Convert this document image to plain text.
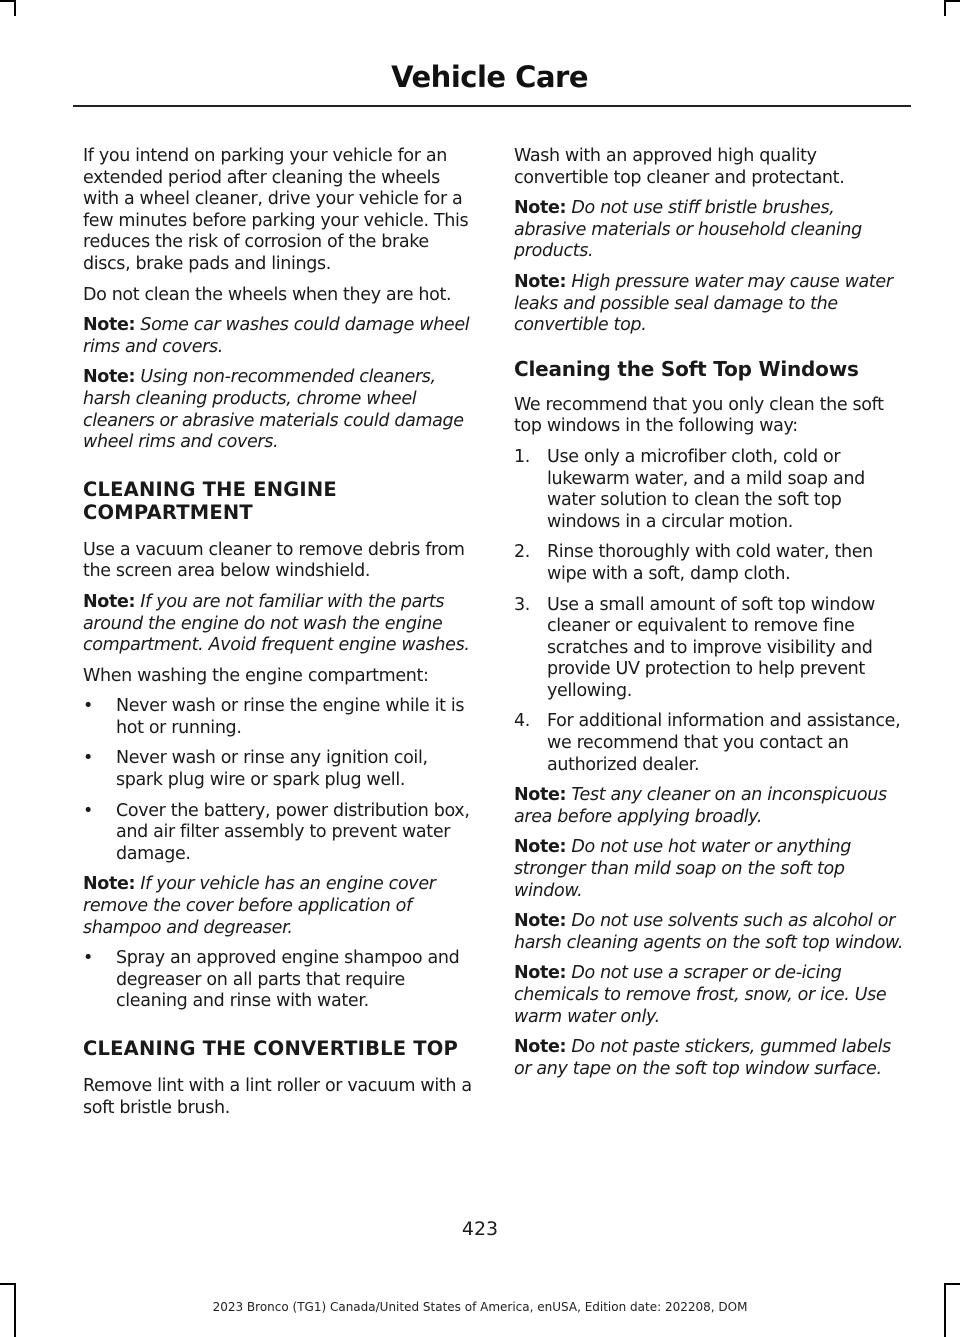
Vehicle Care

If you intend on parking your vehicle for an extended period after cleaning the wheels with a wheel cleaner, drive your vehicle for a few minutes before parking your vehicle. This reduces the risk of corrosion of the brake discs, brake pads and linings.

Do not clean the wheels when they are hot.

Note: Some car washes could damage wheel rims and covers.

Note: Using non-recommended cleaners, harsh cleaning products, chrome wheel cleaners or abrasive materials could damage wheel rims and covers.

CLEANING THE ENGINE COMPARTMENT

Use a vacuum cleaner to remove debris from the screen area below windshield.

Note: If you are not familiar with the parts around the engine do not wash the engine compartment. Avoid frequent engine washes.

When washing the engine compartment:

• Never wash or rinse the engine while it is hot or running.
• Never wash or rinse any ignition coil, spark plug wire or spark plug well.
• Cover the battery, power distribution box, and air filter assembly to prevent water damage.

Note: If your vehicle has an engine cover remove the cover before application of shampoo and degreaser.

• Spray an approved engine shampoo and degreaser on all parts that require cleaning and rinse with water.
CLEANING THE CONVERTIBLE TOP

Remove lint with a lint roller or vacuum with a soft bristle brush.

Wash with an approved high quality convertible top cleaner and protectant.

Note: Do not use stiff bristle brushes, abrasive materials or household cleaning products.

Note: High pressure water may cause water leaks and possible seal damage to the convertible top.

Cleaning the Soft Top Windows

We recommend that you only clean the soft top windows in the following way:

1. Use only a microfiber cloth, cold or lukewarm water, and a mild soap and water solution to clean the soft top windows in a circular motion.
2. Rinse thoroughly with cold water, then wipe with a soft, damp cloth.
3. Use a small amount of soft top window cleaner or equivalent to remove fine scratches and to improve visibility and provide UV protection to help prevent yellowing.
4. For additional information and assistance, we recommend that you contact an authorized dealer.

Note: Test any cleaner on an inconspicuous area before applying broadly.

Note: Do not use hot water or anything stronger than mild soap on the soft top window.

Note: Do not use solvents such as alcohol or harsh cleaning agents on the soft top window.

Note: Do not use a scraper or de-icing chemicals to remove frost, snow, or ice. Use warm water only.

Note: Do not paste stickers, gummed labels or any tape on the soft top window surface.

423
2023 Bronco (TG1) Canada/United States of America, enUSA, Edition date: 202208, DOM
